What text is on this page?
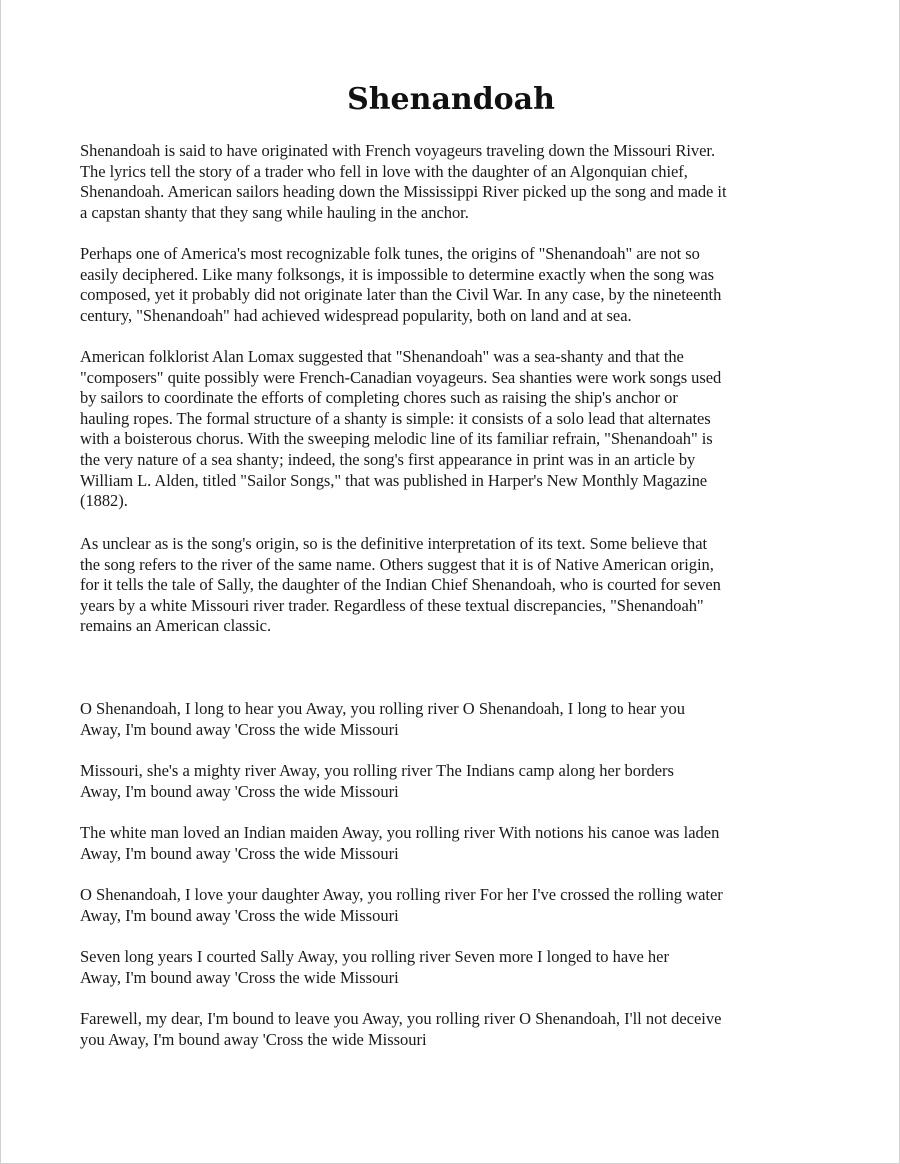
Shenandoah

Shenandoah is said to have originated with French voyageurs traveling down the Missouri River.
The lyrics tell the story of a trader who fell in love with the daughter of an Algonquian chief,
Shenandoah. American sailors heading down the Mississippi River picked up the song and made it
a capstan shanty that they sang while hauling in the anchor.

Perhaps one of America's most recognizable folk tunes, the origins of "Shenandoah" are not so
easily deciphered. Like many folksongs, it is impossible to determine exactly when the song was
composed, yet it probably did not originate later than the Civil War. In any case, by the nineteenth
century, "Shenandoah" had achieved widespread popularity, both on land and at sea.

American folklorist Alan Lomax suggested that "Shenandoah" was a sea-shanty and that the
"composers" quite possibly were French-Canadian voyageurs. Sea shanties were work songs used
by sailors to coordinate the efforts of completing chores such as raising the ship's anchor or
hauling ropes. The formal structure of a shanty is simple: it consists of a solo lead that alternates
with a boisterous chorus. With the sweeping melodic line of its familiar refrain, "Shenandoah" is
the very nature of a sea shanty; indeed, the song's first appearance in print was in an article by
William L. Alden, titled "Sailor Songs," that was published in Harper's New Monthly Magazine
(1882).

As unclear as is the song's origin, so is the definitive interpretation of its text. Some believe that
the song refers to the river of the same name. Others suggest that it is of Native American origin,
for it tells the tale of Sally, the daughter of the Indian Chief Shenandoah, who is courted for seven
years by a white Missouri river trader. Regardless of these textual discrepancies, "Shenandoah"
remains an American classic.

O Shenandoah, I long to hear you Away, you rolling river O Shenandoah, I long to hear you
Away, I'm bound away 'Cross the wide Missouri

Missouri, she's a mighty river Away, you rolling river The Indians camp along her borders
Away, I'm bound away 'Cross the wide Missouri

The white man loved an Indian maiden Away, you rolling river With notions his canoe was laden
Away, I'm bound away 'Cross the wide Missouri

O Shenandoah, I love your daughter Away, you rolling river For her I've crossed the rolling water
Away, I'm bound away 'Cross the wide Missouri

Seven long years I courted Sally Away, you rolling river Seven more I longed to have her
Away, I'm bound away 'Cross the wide Missouri

Farewell, my dear, I'm bound to leave you Away, you rolling river O Shenandoah, I'll not deceive
you Away, I'm bound away 'Cross the wide Missouri
